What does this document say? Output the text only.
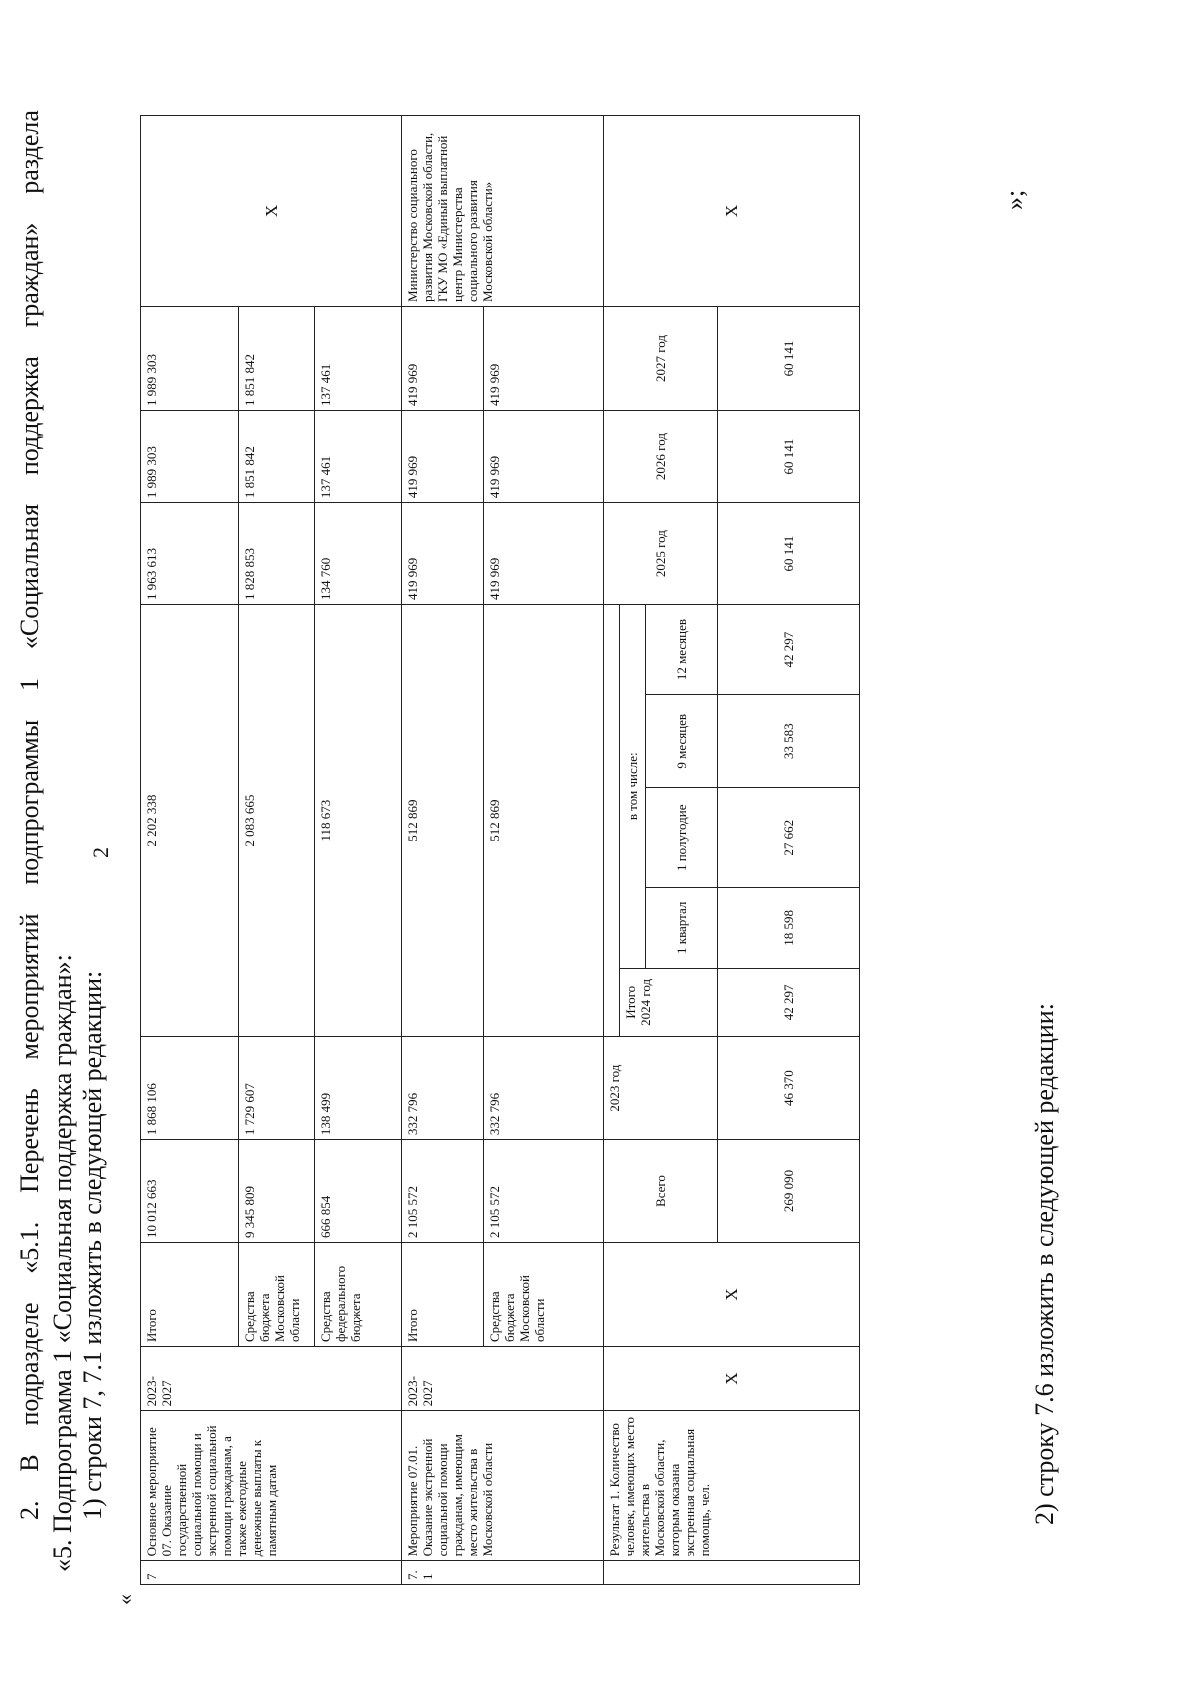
2
2.
В
подразделе
«5.1.
Перечень
мероприятий
подпрограммы
1
«Социальная
поддержка
граждан»
раздела
«5. Подпрограмма 1 «Социальная поддержка граждан»: 1) строки 7, 7.1 изложить в следующей редакции:
«
7	Основное мероприятие 07. Оказание государственной социальной помощи и экстренной социальной помощи гражданам, а также ежегодные денежные выплаты к памятным датам	2023-2027	Итого	10 012 663	1 868 106	2 202 338					1 963 613	1 989 303	1 989 303	X
			Средства бюджета Московской области	9 345 809	1 729 607	2 083 665					1 828 853	1 851 842	1 851 842	
			Средства федерального бюджета	666 854	138 499	118 673					134 760	137 461	137 461	
7.1	Мероприятие 07.01. Оказание экстренной социальной помощи гражданам, имеющим место жительства в Московской области	2023-2027	Итого	2 105 572	332 796	512 869					419 969	419 969	419 969	Министерство социального развития Московской области, ГКУ МО «Единый выплатной центр Министерства социального развития Московской области»
			Средства бюджета Московской области	2 105 572	332 796	512 869					419 969	419 969	419 969	
	Результат 1. Количество человек, имеющих место жительства в Московской области, которым оказана экстренная социальная помощь, чел.	X	X	Всего	2023 год						2025 год	2026 год	2027 год	X
						Итого 2024 год	в том числе:							
							1 квартал	1 полугодие	9 месяцев	12 месяцев				
				269 090	46 370	42 297	18 598	27 662	33 583	42 297	60 141	60 141	60 141	
»;
2) строку 7.6 изложить в следующей редакции:
